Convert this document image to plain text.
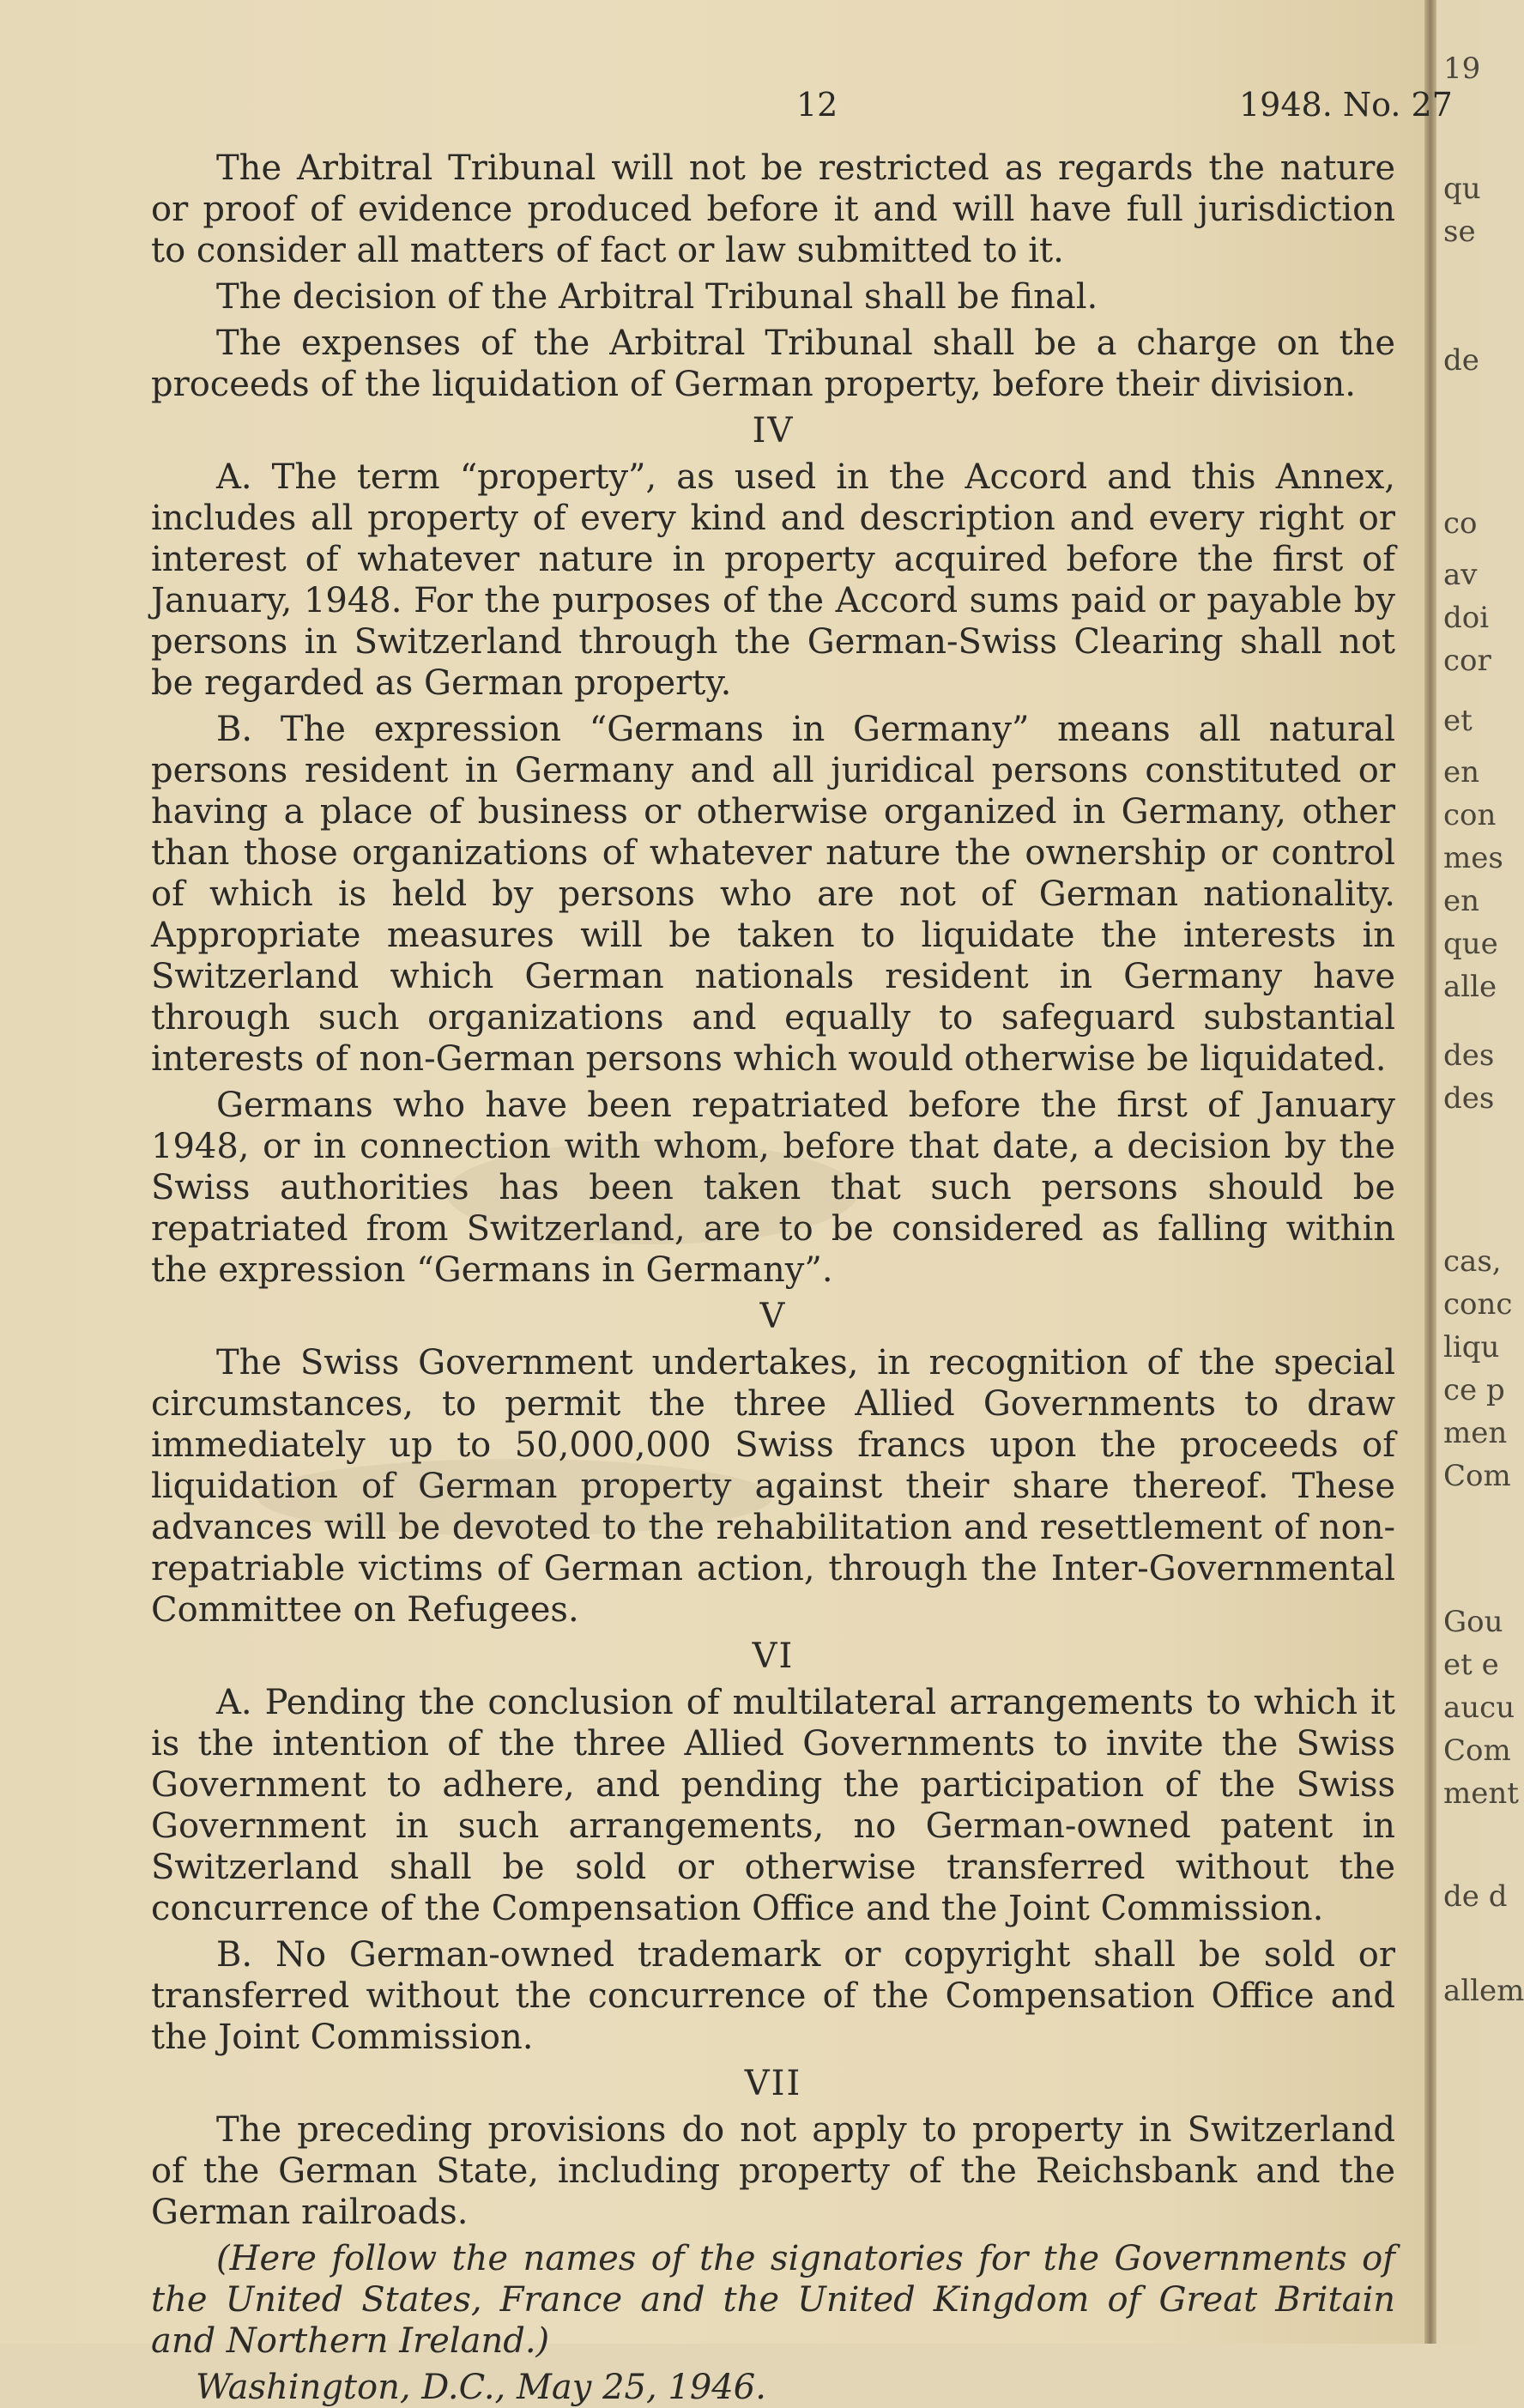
19
qu
se
de
co
av
doi
cor
et
en
con
mes
en
que
alle
des
des
cas,
conc
liqu
ce p
men
Com
Gou
et e
aucu
Com
ment
de d
allem
12	1948. No. 27

The Arbitral Tribunal will not be restricted as regards the nature or proof of evidence produced before it and will have full jurisdiction to consider all matters of fact or law submitted to it.

The decision of the Arbitral Tribunal shall be final.

The expenses of the Arbitral Tribunal shall be a charge on the proceeds of the liquidation of German property, before their division.

IV

A. The term “property”, as used in the Accord and this Annex, includes all property of every kind and description and every right or interest of whatever nature in property acquired before the first of January, 1948. For the purposes of the Accord sums paid or payable by persons in Switzerland through the German-Swiss Clearing shall not be regarded as German property.

B. The expression “Germans in Germany” means all natural persons resident in Germany and all juridical persons constituted or having a place of business or otherwise organized in Germany, other than those organizations of whatever nature the ownership or control of which is held by persons who are not of German nationality. Appropriate measures will be taken to liquidate the interests in Switzerland which German nationals resident in Germany have through such organizations and equally to safeguard substantial interests of non-German persons which would otherwise be liquidated.

Germans who have been repatriated before the first of January 1948, or in connection with whom, before that date, a decision by the Swiss authorities has been taken that such persons should be repatriated from Switzerland, are to be considered as falling within the expression “Germans in Germany”.

V

The Swiss Government undertakes, in recognition of the special circumstances, to permit the three Allied Governments to draw immediately up to 50,000,000 Swiss francs upon the proceeds of liquidation of German property against their share thereof. These advances will be devoted to the rehabilitation and resettlement of non-repatriable victims of German action, through the Inter-Governmental Committee on Refugees.

VI

A. Pending the conclusion of multilateral arrangements to which it is the intention of the three Allied Governments to invite the Swiss Government to adhere, and pending the participation of the Swiss Government in such arrangements, no German-owned patent in Switzerland shall be sold or otherwise transferred without the concurrence of the Compensation Office and the Joint Commission.

B. No German-owned trademark or copyright shall be sold or transferred without the concurrence of the Compensation Office and the Joint Commission.

VII

The preceding provisions do not apply to property in Switzerland of the German State, including property of the Reichsbank and the German railroads.

(Here follow the names of the signatories for the Governments of the United States, France and the United Kingdom of Great Britain and Northern Ireland.)

Washington, D.C., May 25, 1946.
